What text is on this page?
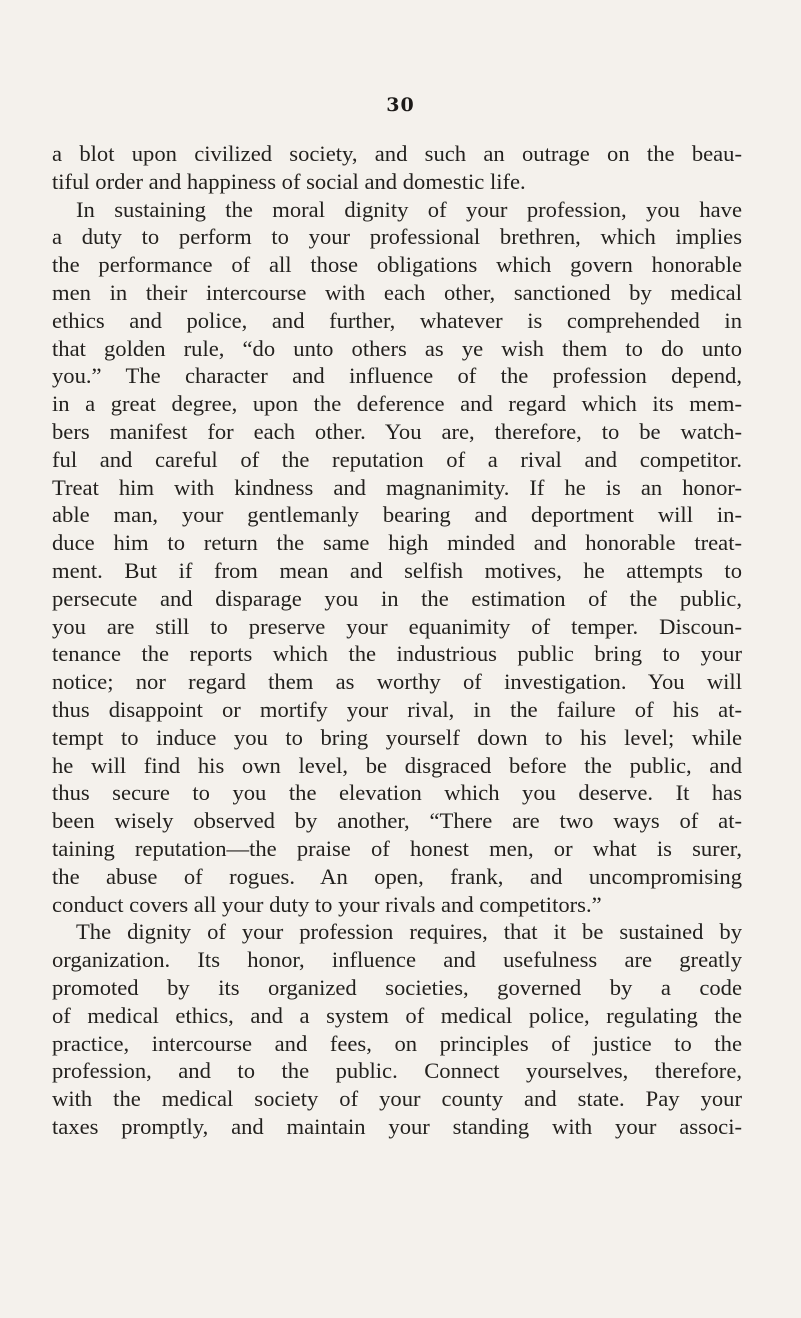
30
a blot upon civilized society, and such an outrage on the beau-
tiful order and happiness of social and domestic life.
In sustaining the moral dignity of your profession, you have
a duty to perform to your professional brethren, which implies
the performance of all those obligations which govern honorable
men in their intercourse with each other, sanctioned by medical
ethics and police, and further, whatever is comprehended in
that golden rule, “do unto others as ye wish them to do unto
you.” The character and influence of the profession depend,
in a great degree, upon the deference and regard which its mem-
bers manifest for each other. You are, therefore, to be watch-
ful and careful of the reputation of a rival and competitor.
Treat him with kindness and magnanimity. If he is an honor-
able man, your gentlemanly bearing and deportment will in-
duce him to return the same high minded and honorable treat-
ment. But if from mean and selfish motives, he attempts to
persecute and disparage you in the estimation of the public,
you are still to preserve your equanimity of temper. Discoun-
tenance the reports which the industrious public bring to your
notice; nor regard them as worthy of investigation. You will
thus disappoint or mortify your rival, in the failure of his at-
tempt to induce you to bring yourself down to his level; while
he will find his own level, be disgraced before the public, and
thus secure to you the elevation which you deserve. It has
been wisely observed by another, “There are two ways of at-
taining reputation—the praise of honest men, or what is surer,
the abuse of rogues. An open, frank, and uncompromising
conduct covers all your duty to your rivals and competitors.”
The dignity of your profession requires, that it be sustained by
organization. Its honor, influence and usefulness are greatly
promoted by its organized societies, governed by a code
of medical ethics, and a system of medical police, regulating the
practice, intercourse and fees, on principles of justice to the
profession, and to the public. Connect yourselves, therefore,
with the medical society of your county and state. Pay your
taxes promptly, and maintain your standing with your associ-
